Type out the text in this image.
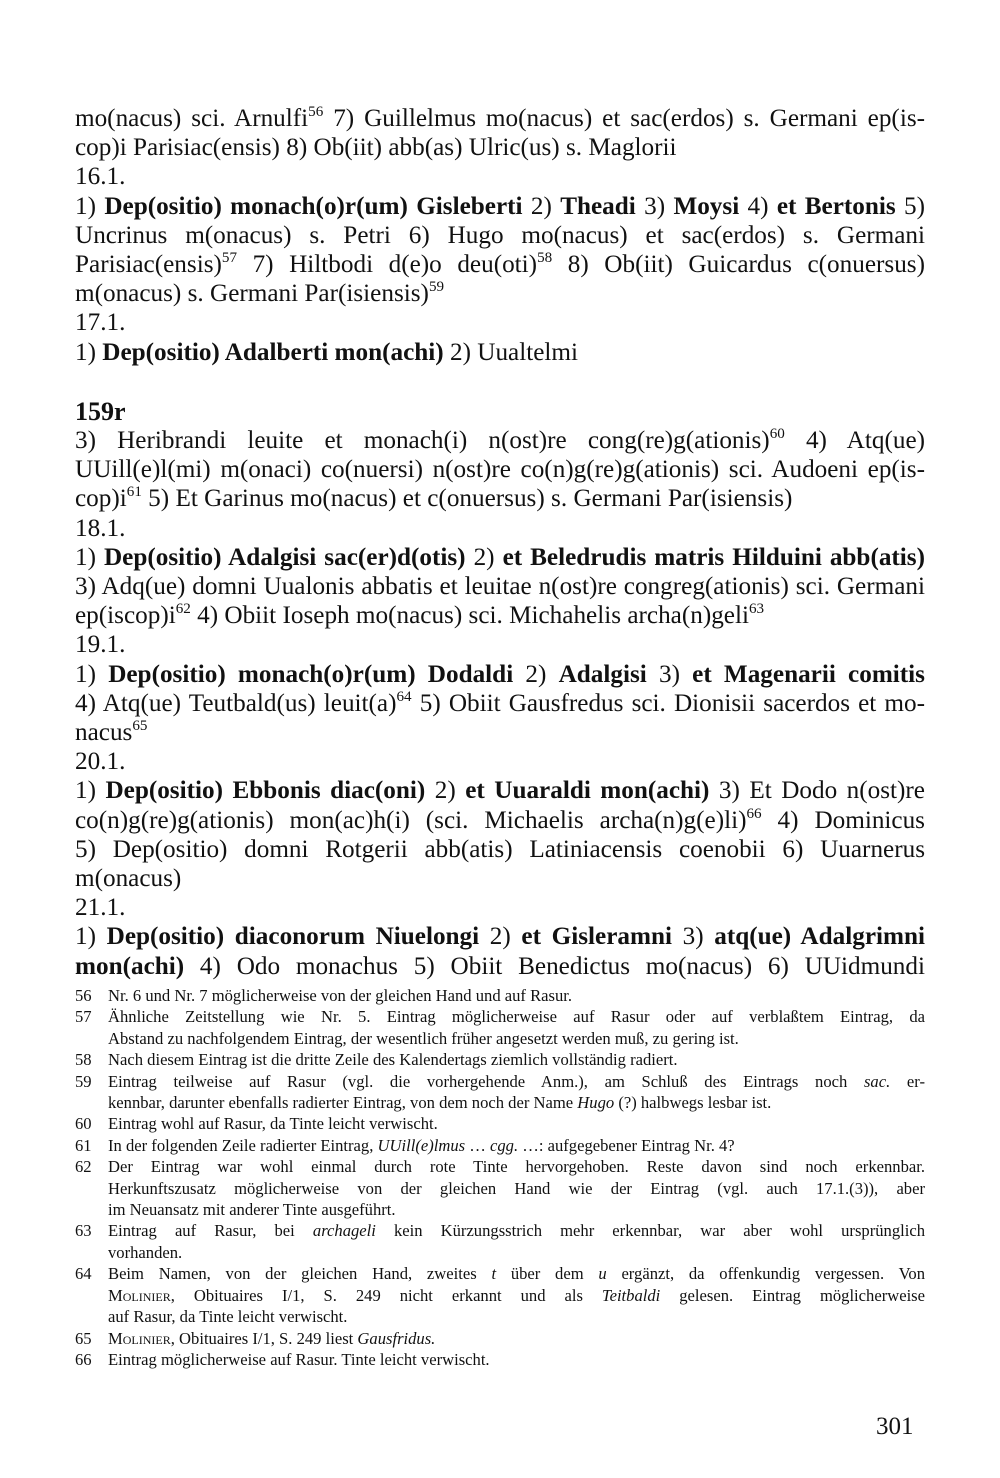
mo(nacus) sci. Arnulfi$^{56}$ 7) Guillelmus mo(nacus) et sac(erdos) s. Germani ep(is-
cop)i Parisiac(ensis) 8) Ob(iit) abb(as) Ulric(us) s. Maglorii
16.1.
1) Dep(ositio) monach(o)r(um) Gisleberti 2) Theadi 3) Moysi 4) et Bertonis 5)
Uncrinus m(onacus) s. Petri 6) Hugo mo(nacus) et sac(erdos) s. Germani
Parisiac(ensis)$^{57}$ 7) Hiltbodi d(e)o deu(oti)$^{58}$ 8) Ob(iit) Guicardus c(onuersus)
m(onacus) s. Germani Par(isiensis)$^{59}$
17.1.
1) Dep(ositio) Adalberti mon(achi) 2) Uualtelmi
159r
3) Heribrandi leuite et monach(i) n(ost)re cong(re)g(ationis)$^{60}$ 4) Atq(ue)
UUill(e)l(mi) m(onaci) co(nuersi) n(ost)re co(n)g(re)g(ationis) sci. Audoeni ep(is-
$cop)i^{61}$ 5) Et Garinus mo(nacus) et c(onuersus) s. Germani Par(isiensis)
18.1.
1) Dep(ositio) Adalgisi sac(er)d(otis) 2) et Beledrudis matris Hilduini abb(atis)
3) Adq(ue) domni Uualonis abbatis et leuitae n(ost)re congreg(ationis) sci. Germani
$ep(iscop)i^{62}$ 4) Obiit Ioseph mo(nacus) sci. Michahelis archa(n)geli$^{63}$
19.1.
1) Dep(ositio) monach(o)r(um) Dodaldi 2) Adalgisi 3) et Magenarii comitis
4) Atq(ue) Teutbald(us) $leuit(a)^{64}$ 5) Obiit Gausfredus sci. Dionisii sacerdos et mo-
nacus$^{65}$
20.1.
1) Dep(ositio) Ebbonis diac(oni) 2) et Uuaraldi mon(achi) 3) Et Dodo n(ost)re
co(n)g(re)g(ationis) mon(ac)h(i) (sci. Michaelis archa(n)g(e)li)$^{66}$ 4) Dominicus
5) Dep(ositio) domni Rotgerii abb(atis) Latiniacensis coenobii 6) Uuarnerus
m(onacus)
21.1.
1) Dep(ositio) diaconorum Niuelongi 2) et Gisleramni 3) atq(ue) Adalgrimni
mon(achi) 4) Odo monachus 5) Obiit Benedictus mo(nacus) 6) UUidmundi
56 Nr. 6 und Nr. 7 möglicherweise von der gleichen Hand und auf Rasur.
57 Ähnliche Zeitstellung wie Nr. 5. Eintrag möglicherweise auf Rasur oder auf verblaßtem Eintrag, da
Abstand zu nachfolgendem Eintrag, der wesentlich früher angesetzt werden muß, zu gering ist.
58 Nach diesem Eintrag ist die dritte Zeile des Kalendertags ziemlich vollständig radiert.
59 Eintrag teilweise auf Rasur (vgl. die vorhergehende Anm.), am Schluß des Eintrags noch sac. er-
kennbar, darunter ebenfalls radierter Eintrag, von dem noch der Name Hugo (?) halbwegs lesbar ist.
60 Eintrag wohl auf Rasur, da Tinte leicht verwischt.
61 In der folgenden Zeile radierter Eintrag, UUill(e)lmus … cgg. …: aufgegebener Eintrag Nr. 4?
62 Der Eintrag war wohl einmal durch rote Tinte hervorgehoben. Reste davon sind noch erkennbar.
Herkunftszusatz möglicherweise von der gleichen Hand wie der Eintrag (vgl. auch 17.1.(3)), aber
im Neuansatz mit anderer Tinte ausgeführt.
63 Eintrag auf Rasur, bei archageli kein Kürzungsstrich mehr erkennbar, war aber wohl ursprünglich
vorhanden.
64 Beim Namen, von der gleichen Hand, zweites t über dem u ergänzt, da offenkundig vergessen. Von
Molinier, Obituaires I/1, S. 249 nicht erkannt und als Teitbaldi gelesen. Eintrag möglicherweise
auf Rasur, da Tinte leicht verwischt.
65 Molinier, Obituaires I/1, S. 249 liest Gausfridus.
66 Eintrag möglicherweise auf Rasur. Tinte leicht verwischt.
301
